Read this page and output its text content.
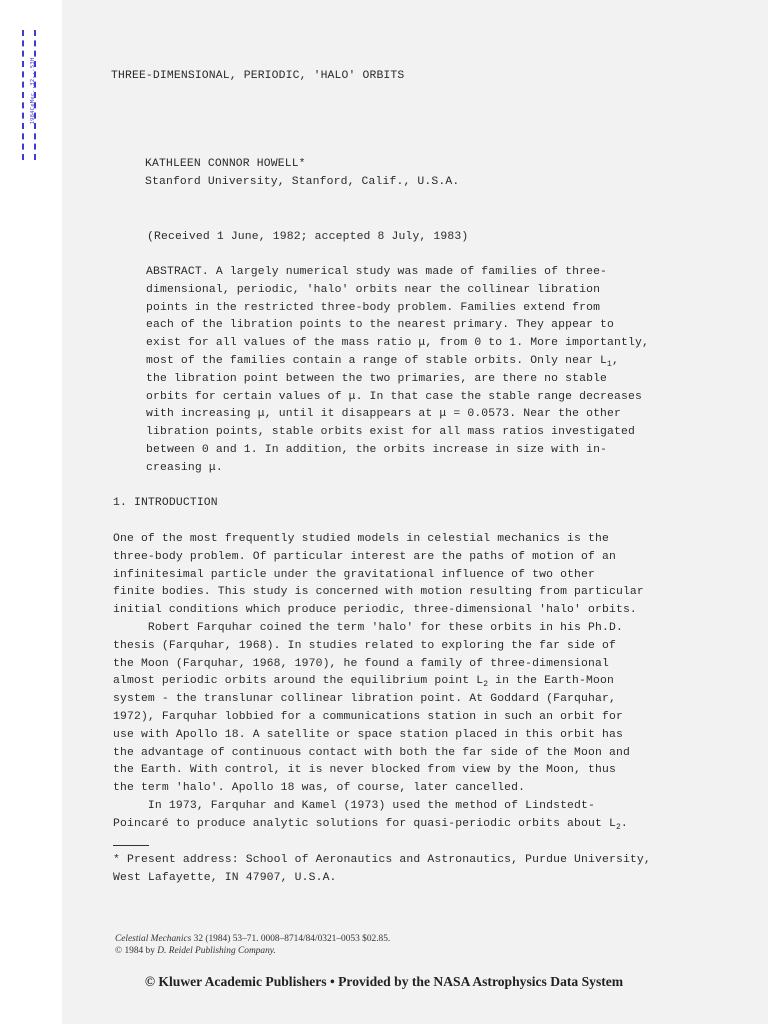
1984CeMec..32...53H	THREE-DIMENSIONAL, PERIODIC, 'HALO' ORBITS
KATHLEEN CONNOR HOWELL*
Stanford University, Stanford, Calif., U.S.A.
(Received 1 June, 1982; accepted 8 July, 1983)
ABSTRACT. A largely numerical study was made of families of three-
dimensional, periodic, 'halo' orbits near the collinear libration
points in the restricted three-body problem. Families extend from
each of the libration points to the nearest primary. They appear to
exist for all values of the mass ratio μ, from 0 to 1. More importantly,
most of the families contain a range of stable orbits. Only near $L_1$,
the libration point between the two primaries, are there no stable
orbits for certain values of μ. In that case the stable range decreases
with increasing μ, until it disappears at μ = 0.0573. Near the other
libration points, stable orbits exist for all mass ratios investigated
between 0 and 1. In addition, the orbits increase in size with in-
creasing μ.
1. INTRODUCTION
One of the most frequently studied models in celestial mechanics is the
three-body problem. Of particular interest are the paths of motion of an
infinitesimal particle under the gravitational influence of two other
finite bodies. This study is concerned with motion resulting from particular
initial conditions which produce periodic, three-dimensional 'halo' orbits.
Robert Farquhar coined the term 'halo' for these orbits in his Ph.D.
thesis (Farquhar, 1968). In studies related to exploring the far side of
the Moon (Farquhar, 1968, 1970), he found a family of three-dimensional
almost periodic orbits around the equilibrium point $L_2$ in the Earth-Moon
system - the translunar collinear libration point. At Goddard (Farquhar,
1972), Farquhar lobbied for a communications station in such an orbit for
use with Apollo 18. A satellite or space station placed in this orbit has
the advantage of continuous contact with both the far side of the Moon and
the Earth. With control, it is never blocked from view by the Moon, thus
the term 'halo'. Apollo 18 was, of course, later cancelled.
In 1973, Farquhar and Kamel (1973) used the method of Lindstedt-
Poincaré to produce analytic solutions for quasi-periodic orbits about $L_2$.
* Present address: School of Aeronautics and Astronautics, Purdue University,
West Lafayette, IN 47907, U.S.A.
Celestial Mechanics 32 (1984) 53–71. 0008–8714/84/0321–0053 $02.85.
© 1984 by D. Reidel Publishing Company.
© Kluwer Academic Publishers • Provided by the NASA Astrophysics Data System
